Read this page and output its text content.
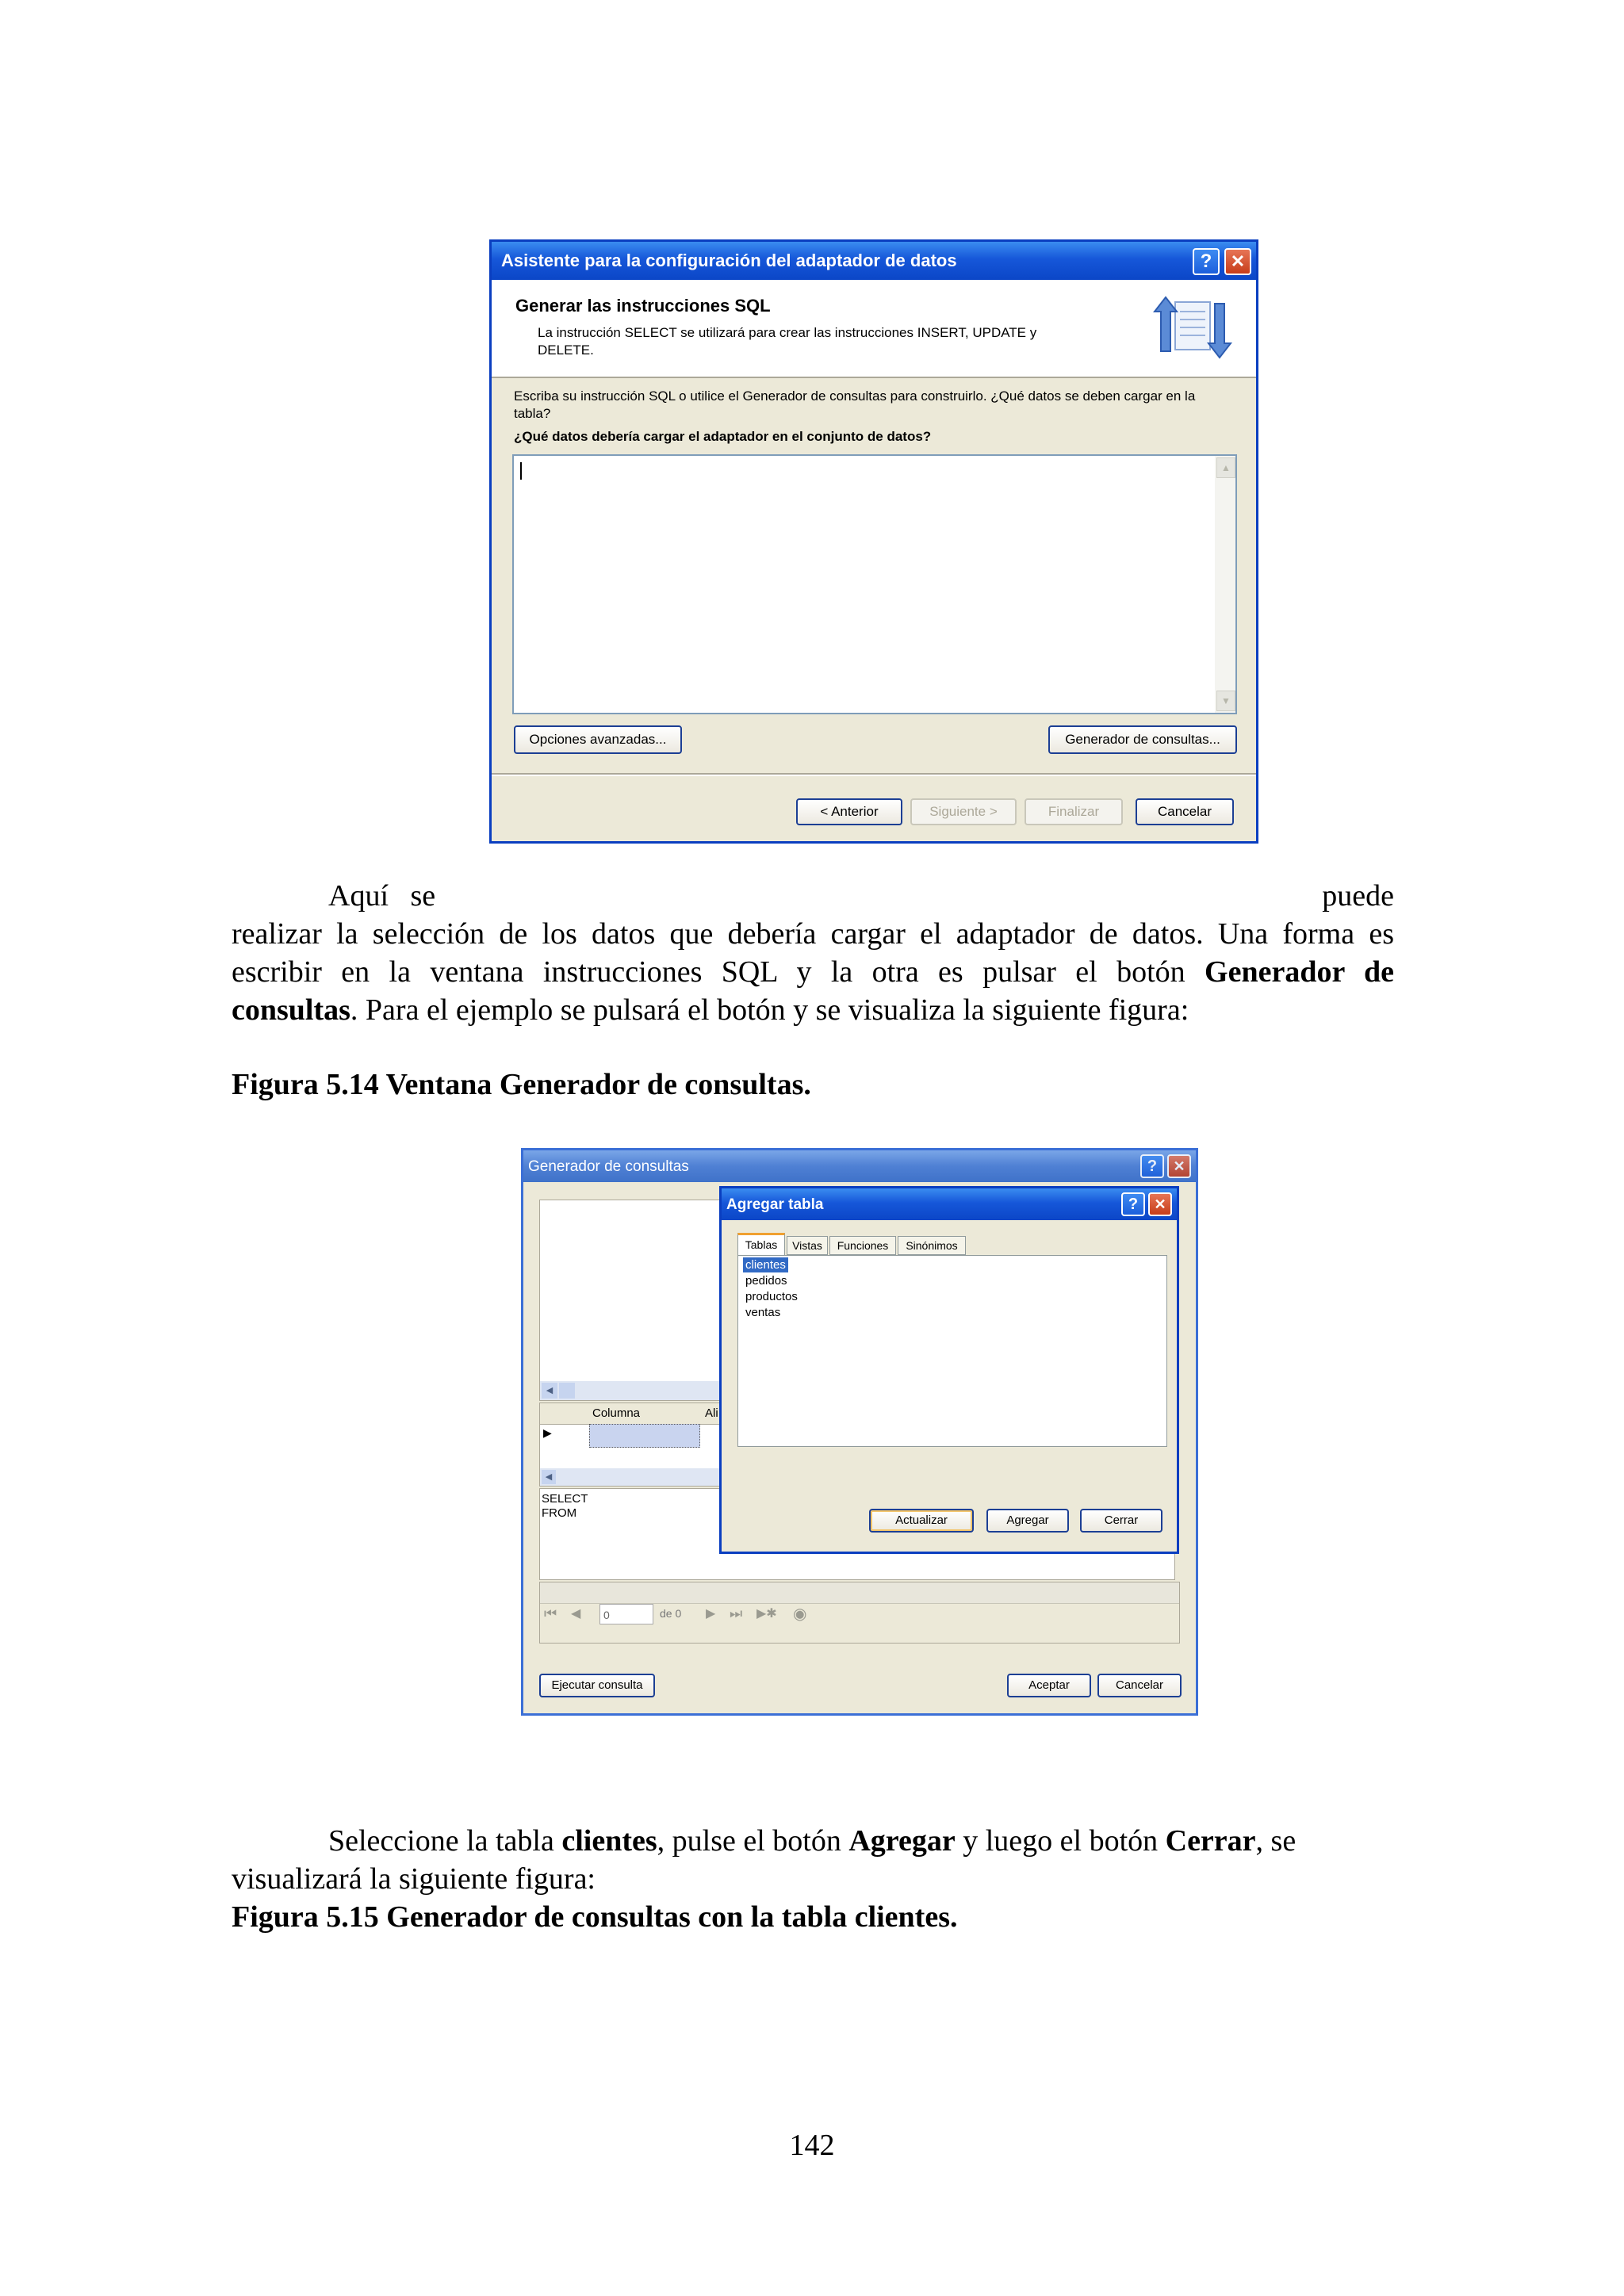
Asistente para la configuración del adaptador de datos	?	✕
Generar las instrucciones SQL
La instrucción SELECT se utilizará para crear las instrucciones INSERT, UPDATE y DELETE.
Escriba su instrucción SQL o utilice el Generador de consultas para construirlo. ¿Qué datos se deben cargar en la tabla?
¿Qué datos debería cargar el adaptador en el conjunto de datos?
▲
▼
Opciones avanzadas...	Generador de consultas...
< Anterior	Siguiente >	Finalizar	Cancelar
Aquí se	puede
realizar la selección de los datos que debería cargar el adaptador de datos. Una forma es
escribir en la ventana instrucciones SQL y la otra es pulsar el botón Generador de
consultas. Para el ejemplo se pulsará el botón y se visualiza la siguiente figura:
Figura 5.14 Ventana Generador de consultas.
Generador de consultas	?	✕
◀
Columna	Ali
▶
◀
SELECT
FROM
⏮ ◀	0	de 0 ▶ ⏭ ▶✱ ◉
Ejecutar consulta	Aceptar	Cancelar
Agregar tabla	?	✕
Tablas	Vistas	Funciones	Sinónimos
clientes
pedidos
productos
ventas
Actualizar	Agregar	Cerrar
Seleccione la tabla clientes, pulse el botón Agregar y luego el botón Cerrar, se
visualizará la siguiente figura:
Figura 5.15 Generador de consultas con la tabla clientes.
142
